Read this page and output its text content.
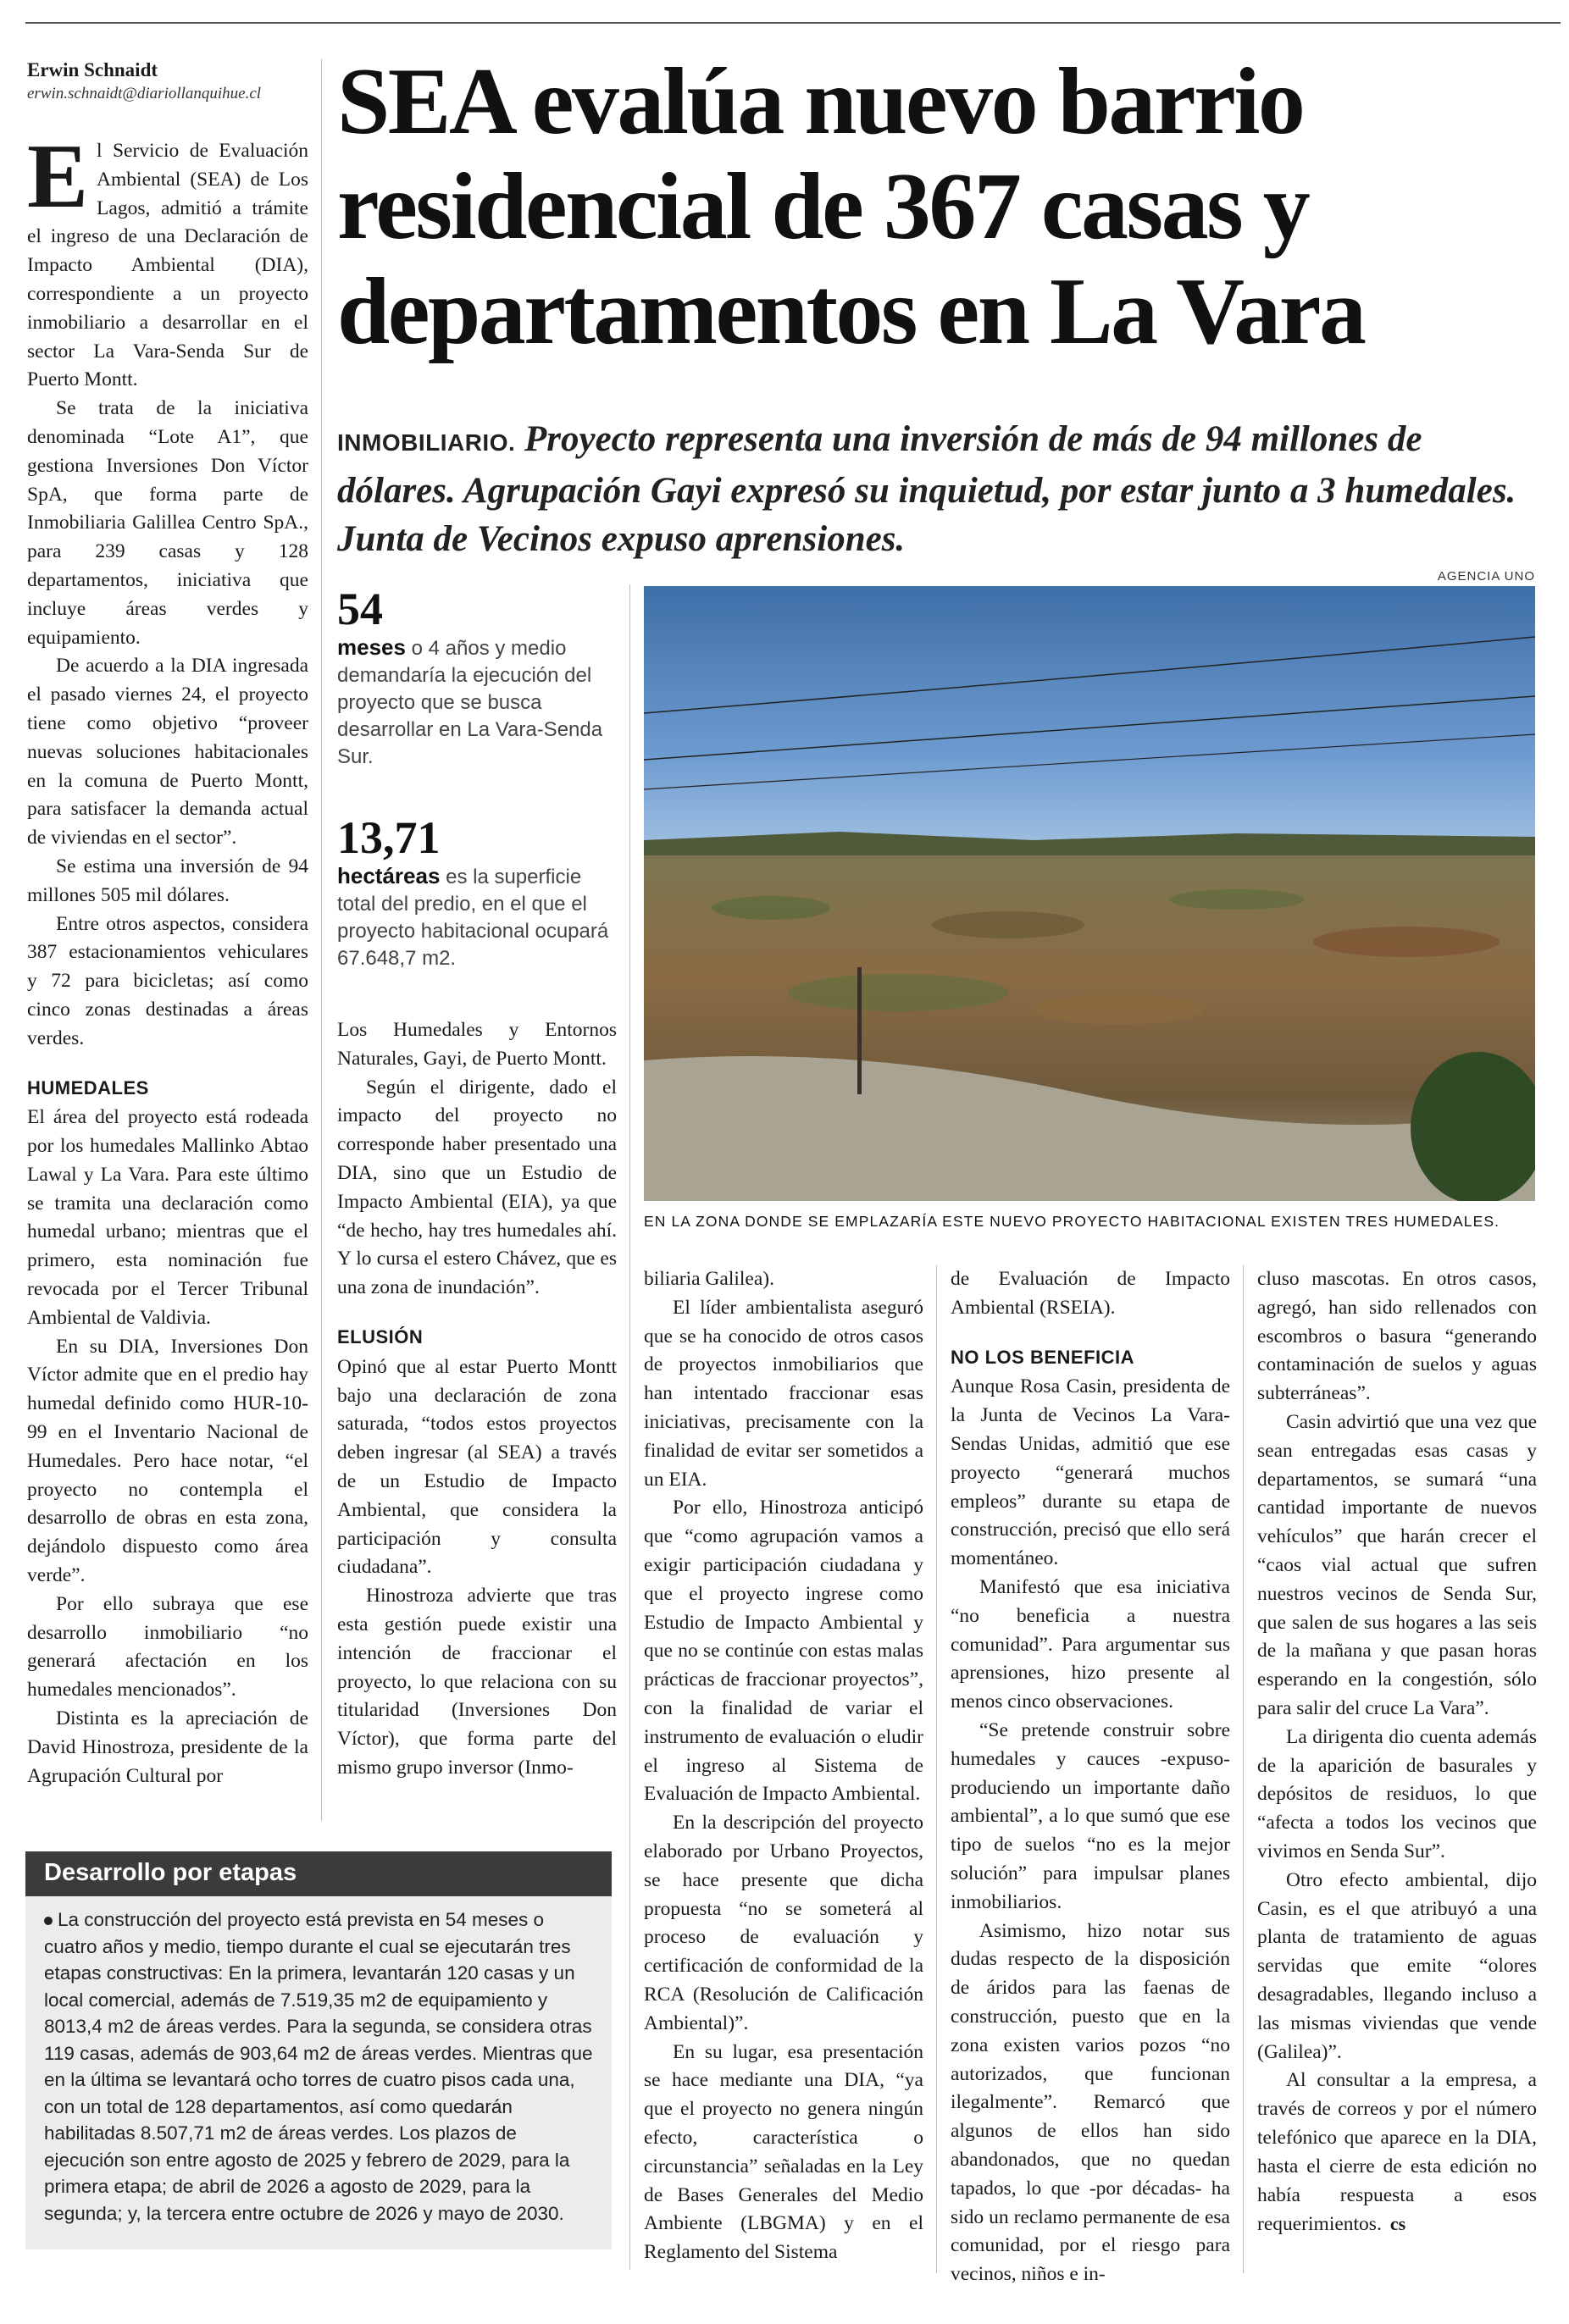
Erwin Schnaidt
erwin.schnaidt@diariollanquihue.cl SEA evalúa nuevo barrio residencial de 367 casas y departamentos en La Vara
INMOBILIARIO. Proyecto representa una inversión de más de 94 millones de dólares. Agrupación Gayi expresó su inquietud, por estar junto a 3 humedales. Junta de Vecinos expuso aprensiones.
AGENCIA UNO
EN LA ZONA DONDE SE EMPLAZARÍA ESTE NUEVO PROYECTO HABITACIONAL EXISTEN TRES HUMEDALES.
54
meses o 4 años y medio demandaría la ejecución del proyecto que se busca desarrollar en La Vara-Senda Sur.
13,71
hectáreas es la superficie total del predio, en el que el proyecto habitacional ocupará 67.648,7 m2.

El Servicio de Evaluación Ambiental (SEA) de Los Lagos, admitió a trámite el ingreso de una Declaración de Impacto Ambiental (DIA), correspondiente a un proyecto inmobiliario a desarrollar en el sector La Vara-Senda Sur de Puerto Montt.

Se trata de la iniciativa denominada “Lote A1”, que gestiona Inversiones Don Víctor SpA, que forma parte de Inmobiliaria Galillea Centro SpA., para 239 casas y 128 departamentos, iniciativa que incluye áreas verdes y equipamiento.

De acuerdo a la DIA ingresada el pasado viernes 24, el proyecto tiene como objetivo “proveer nuevas soluciones habitacionales en la comuna de Puerto Montt, para satisfacer la demanda actual de viviendas en el sector”.

Se estima una inversión de 94 millones 505 mil dólares.

Entre otros aspectos, considera 387 estacionamientos vehiculares y 72 para bicicletas; así como cinco zonas destinadas a áreas verdes.

HUMEDALES

El área del proyecto está rodeada por los humedales Mallinko Abtao Lawal y La Vara. Para este último se tramita una declaración como humedal urbano; mientras que el primero, esta nominación fue revocada por el Tercer Tribunal Ambiental de Valdivia.

En su DIA, Inversiones Don Víctor admite que en el predio hay humedal definido como HUR-10-99 en el Inventario Nacional de Humedales. Pero hace notar, “el proyecto no contempla el desarrollo de obras en esta zona, dejándolo dispuesto como área verde”.

Por ello subraya que ese desarrollo inmobiliario “no generará afectación en los humedales mencionados”.

Distinta es la apreciación de David Hinostroza, presidente de la Agrupación Cultural por

Los Humedales y Entornos Naturales, Gayi, de Puerto Montt.

Según el dirigente, dado el impacto del proyecto no corresponde haber presentado una DIA, sino que un Estudio de Impacto Ambiental (EIA), ya que “de hecho, hay tres humedales ahí. Y lo cursa el estero Chávez, que es una zona de inundación”.

ELUSIÓN

Opinó que al estar Puerto Montt bajo una declaración de zona saturada, “todos estos proyectos deben ingresar (al SEA) a través de un Estudio de Impacto Ambiental, que considera la participación y consulta ciudadana”.

Hinostroza advierte que tras esta gestión puede existir una intención de fraccionar el proyecto, lo que relaciona con su titularidad (Inversiones Don Víctor), que forma parte del mismo grupo inversor (Inmo-

biliaria Galilea).

El líder ambientalista aseguró que se ha conocido de otros casos de proyectos inmobiliarios que han intentado fraccionar esas iniciativas, precisamente con la finalidad de evitar ser sometidos a un EIA.

Por ello, Hinostroza anticipó que “como agrupación vamos a exigir participación ciudadana y que el proyecto ingrese como Estudio de Impacto Ambiental y que no se continúe con estas malas prácticas de fraccionar proyectos”, con la finalidad de variar el instrumento de evaluación o eludir el ingreso al Sistema de Evaluación de Impacto Ambiental.

En la descripción del proyecto elaborado por Urbano Proyectos, se hace presente que dicha propuesta “no se someterá al proceso de evaluación y certificación de conformidad de la RCA (Resolución de Calificación Ambiental)”.

En su lugar, esa presentación se hace mediante una DIA, “ya que el proyecto no genera ningún efecto, característica o circunstancia” señaladas en la Ley de Bases Generales del Medio Ambiente (LBGMA) y en el Reglamento del Sistema

de Evaluación de Impacto Ambiental (RSEIA).

NO LOS BENEFICIA

Aunque Rosa Casin, presidenta de la Junta de Vecinos La Vara-Sendas Unidas, admitió que ese proyecto “generará muchos empleos” durante su etapa de construcción, precisó que ello será momentáneo.

Manifestó que esa iniciativa “no beneficia a nuestra comunidad”. Para argumentar sus aprensiones, hizo presente al menos cinco observaciones.

“Se pretende construir sobre humedales y cauces -expuso- produciendo un importante daño ambiental”, a lo que sumó que ese tipo de suelos “no es la mejor solución” para impulsar planes inmobiliarios.

Asimismo, hizo notar sus dudas respecto de la disposición de áridos para las faenas de construcción, puesto que en la zona existen varios pozos “no autorizados, que funcionan ilegalmente”. Remarcó que algunos de ellos han sido abandonados, que no quedan tapados, lo que -por décadas- ha sido un reclamo permanente de esa comunidad, por el riesgo para vecinos, niños e in-

cluso mascotas. En otros casos, agregó, han sido rellenados con escombros o basura “generando contaminación de suelos y aguas subterráneas”.

Casin advirtió que una vez que sean entregadas esas casas y departamentos, se sumará “una cantidad importante de nuevos vehículos” que harán crecer el “caos vial actual que sufren nuestros vecinos de Senda Sur, que salen de sus hogares a las seis de la mañana y que pasan horas esperando en la congestión, sólo para salir del cruce La Vara”.

La dirigenta dio cuenta además de la aparición de basurales y depósitos de residuos, lo que “afecta a todos los vecinos que vivimos en Senda Sur”.

Otro efecto ambiental, dijo Casin, es el que atribuyó a una planta de tratamiento de aguas servidas que emite “olores desagradables, llegando incluso a las mismas viviendas que vende (Galilea)”.

Al consultar a la empresa, a través de correos y por el número telefónico que aparece en la DIA, hasta el cierre de esta edición no había respuesta a esos requerimientos. cs

Desarrollo por etapas
La construcción del proyecto está prevista en 54 meses o cuatro años y medio, tiempo durante el cual se ejecutarán tres etapas constructivas: En la primera, levantarán 120 casas y un local comercial, además de 7.519,35 m2 de equipamiento y 8013,4 m2 de áreas verdes. Para la segunda, se considera otras 119 casas, además de 903,64 m2 de áreas verdes. Mientras que en la última se levantará ocho torres de cuatro pisos cada una, con un total de 128 departamentos, así como quedarán habilitadas 8.507,71 m2 de áreas verdes. Los plazos de ejecución son entre agosto de 2025 y febrero de 2029, para la primera etapa; de abril de 2026 a agosto de 2029, para la segunda; y, la tercera entre octubre de 2026 y mayo de 2030.
